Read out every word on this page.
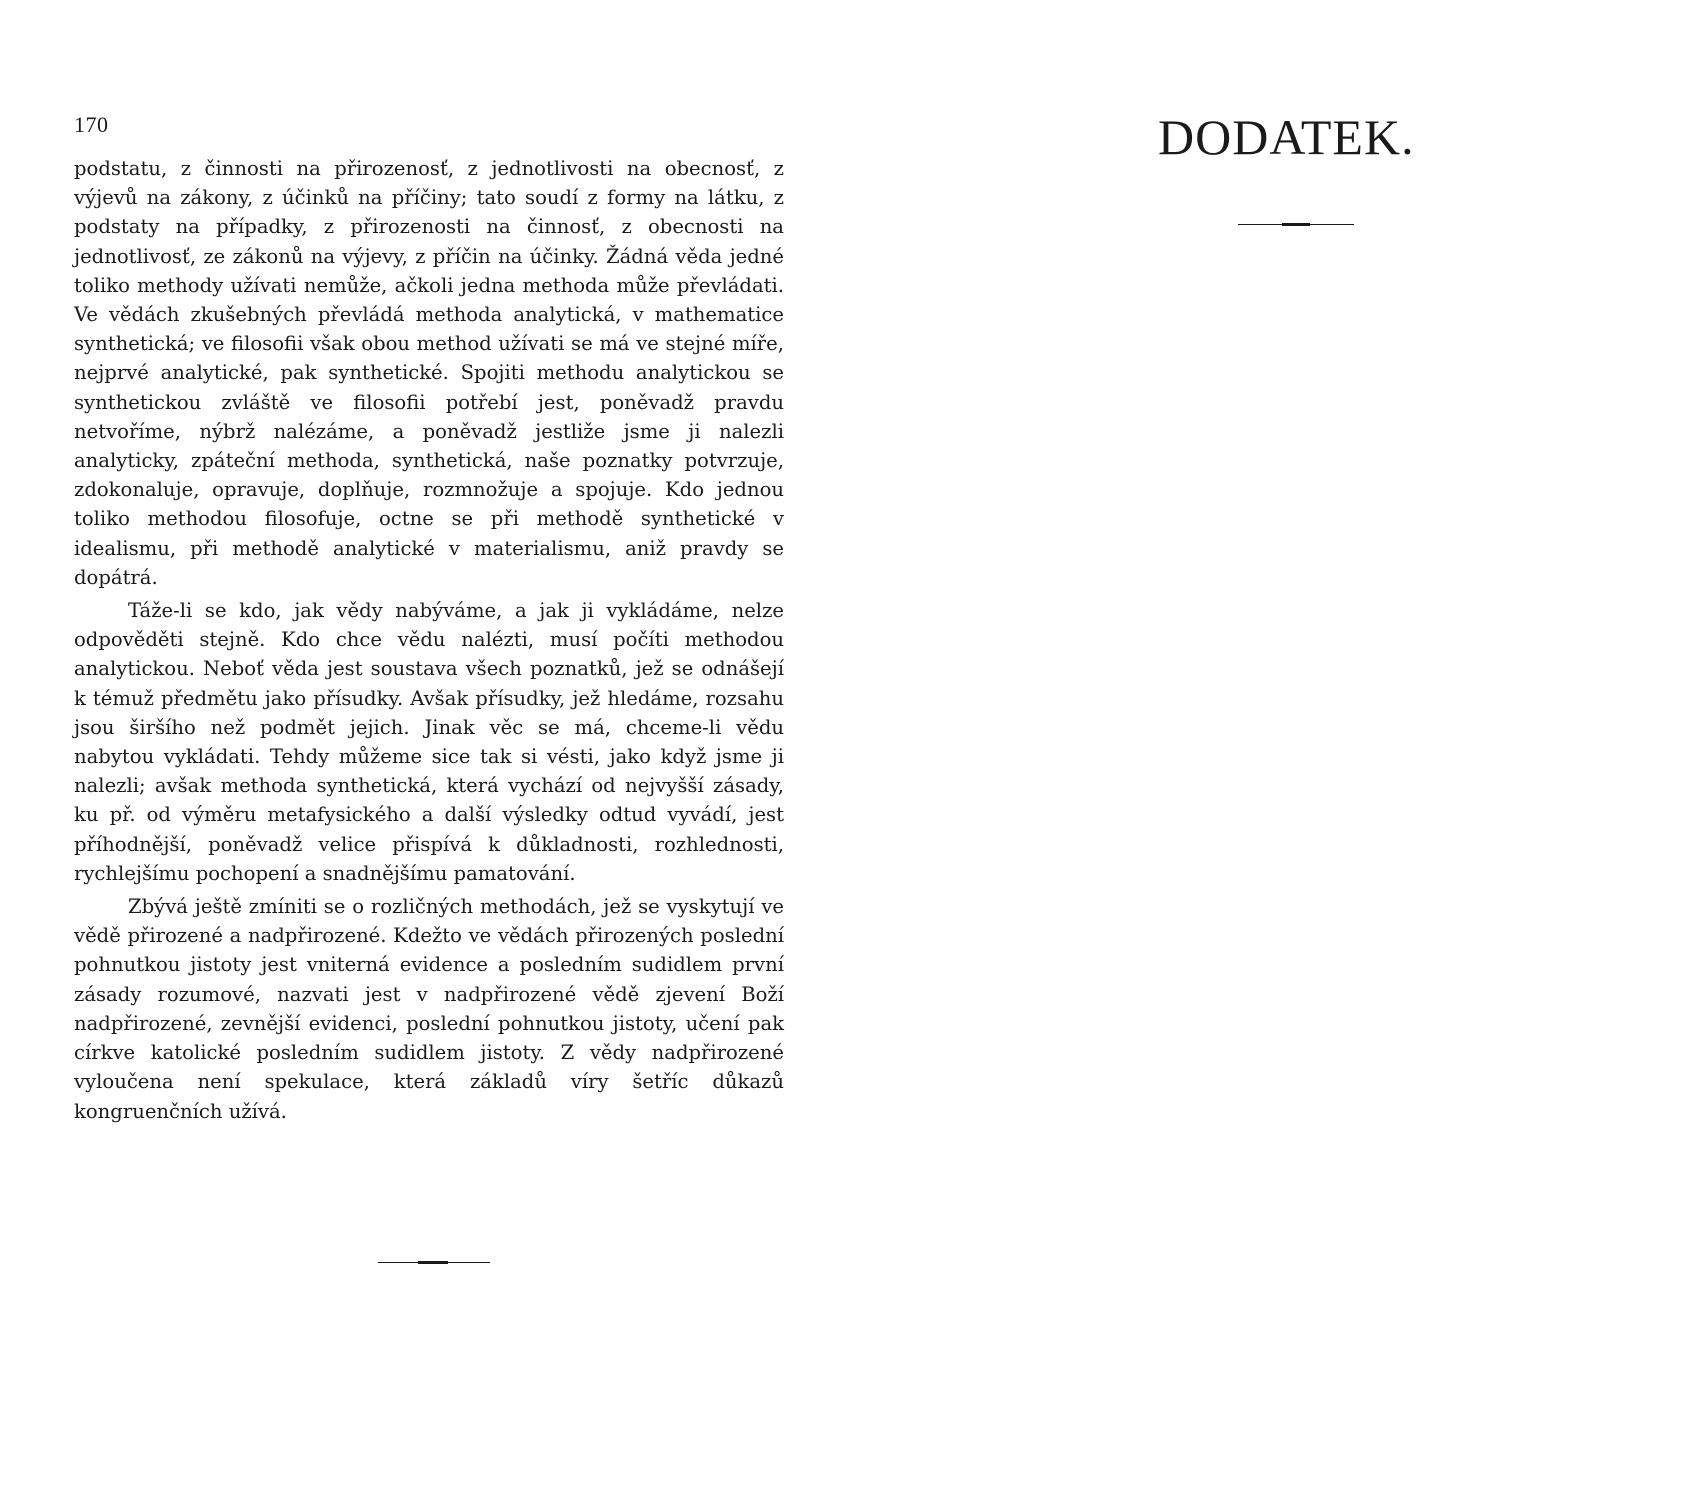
170

podstatu, z činnosti na přirozenosť, z jednotlivosti na obecnosť, z výjevů na zákony, z účinků na příčiny; tato soudí z formy na látku, z podstaty na případky, z přirozenosti na činnosť, z obecnosti na jednotlivosť, ze zákonů na výjevy, z příčin na účinky. Žádná věda jedné toliko methody užívati nemůže, ačkoli jedna methoda může převládati. Ve vědách zkušebných převládá methoda analytická, v mathematice synthetická; ve filosofii však obou method užívati se má ve stejné míře, nejprvé analytické, pak synthetické. Spojiti methodu analytickou se synthetickou zvláště ve filosofii potřebí jest, poněvadž pravdu netvoříme, nýbrž nalézáme, a poněvadž jestliže jsme ji nalezli analyticky, zpáteční methoda, synthetická, naše poznatky potvrzuje, zdokonaluje, opravuje, doplňuje, rozmnožuje a spojuje. Kdo jednou toliko methodou filosofuje, octne se při methodě synthetické v idealismu, při methodě analytické v materialismu, aniž pravdy se dopátrá.

Táže-li se kdo, jak vědy nabýváme, a jak ji vykládáme, nelze odpověděti stejně. Kdo chce vědu nalézti, musí počíti methodou analytickou. Neboť věda jest soustava všech poznatků, jež se odnášejí k témuž předmětu jako přísudky. Avšak přísudky, jež hledáme, rozsahu jsou širšího než podmět jejich. Jinak věc se má, chceme-li vědu nabytou vykládati. Tehdy můžeme sice tak si vésti, jako když jsme ji nalezli; avšak methoda synthetická, která vychází od nejvyšší zásady, ku př. od výměru metafysického a další výsledky odtud vyvádí, jest příhodnější, poněvadž velice přispívá k důkladnosti, rozhlednosti, rychlejšímu pochopení a snadnějšímu pamatování.

Zbývá ještě zmíniti se o rozličných methodách, jež se vyskytují ve vědě přirozené a nadpřirozené. Kdežto ve vědách přirozených poslední pohnutkou jistoty jest vniterná evidence a posledním sudidlem první zásady rozumové, nazvati jest v nadpřirozené vědě zjevení Boží nadpřirozené, zevnější evidenci, poslední pohnutkou jistoty, učení pak církve katolické posledním sudidlem jistoty. Z vědy nadpřirozené vyloučena není spekulace, která základů víry šetříc důkazů kongruenčních užívá.

DODATEK.
